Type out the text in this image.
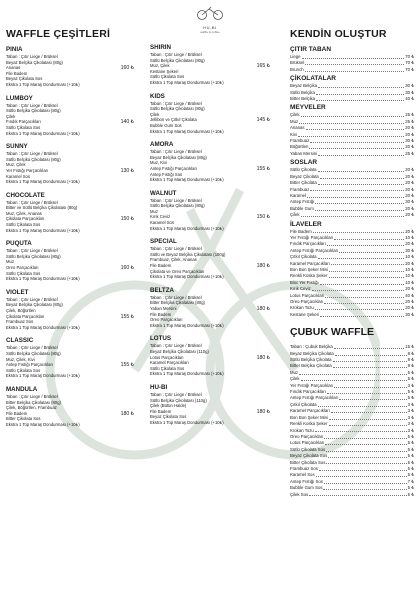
HU-BI
waffle & coffee
WAFFLE ÇEŞİTLERİ
PINIA
Taban : Çıtır Liege / Brüksel
Beyaz Belçika Çikolatası (80g)
Ananas
File Badem
Beyaz Çikolata Sos
Ekstra 1 Top Maraş Dondurması (+10₺)
160 ₺
LUMBOY
Taban : Çıtır Liege / Brüksel
Sütlü Belçika Çikolatası (80g)
Çilek
Fındık Parçacıkları
Sütlü Çikolata Sos
Ekstra 1 Top Maraş Dondurması (+10₺)
140 ₺
SUNNY
Taban : Çıtır Liege / Brüksel
Sütlü Belçika Çikolatası (80g)
Muz, Çilek
Yer Fıstığı Parçacıkları
Karamel Sos
Ekstra 1 Top Maraş Dondurması (+10₺)
130 ₺
CHOCOLATE
Taban : Çıtır Liege / Brüksel
Bitter ve Sütlü Belçika Çikolatası (80g)
Muz, Çilek, Ananas
Çikolata Parçacıkları
Sütlü Çikolata Sos
Ekstra 1 Top Maraş Dondurması (+10₺)
150 ₺
PUQUTA
Taban : Çıtır Liege / Brüksel
Sütlü Belçika Çikolatası (80g)
Muz
Oreo Parçacıkları
Sütlü Çikolata Sos
Ekstra 1 Top Maraş Dondurması (+10₺)
160 ₺
VIOLET
Taban : Çıtır Liege / Brüksel
Beyaz Belçika Çikolatası (80g)
Çilek, Böğürtlen
Çikolata Parçacıkları
Frambuaz Sos
Ekstra 1 Top Maraş Dondurması (+10₺)
155 ₺
CLASSIC
Taban : Çıtır Liege / Brüksel
Sütlü Belçika Çikolatası (80g)
Muz, Çilek, Kivi
Antep Fıstığı Parçacıkları
Sütlü Çikolata Sos
Ekstra 1 Top Maraş Dondurması (+10₺)
155 ₺
MANDULA
Taban : Çıtır Liege / Brüksel
Bitter Belçika Çikolatası (80g)
Çilek, Böğürtlen, Frambuaz
File Badem
Bitter Çikolata Sos
Ekstra 1 Top Maraş Dondurması (+10₺)
180 ₺
SHIRIN
Taban : Çıtır Liege / Brüksel
Sütlü Belçika Çikolatası (80g)
Muz, Çilek
Kestane Şekeri
Sütlü Çikolata Sos
Ekstra 1 Top Maraş Dondurması (+10₺)
165 ₺
KIDS
Taban : Çıtır Liege / Brüksel
Sütlü Belçika Çikolatası (80g)
Çilek
Jellibon ve Çıtkıl Çikolata
Bubble Gum Sos
Ekstra 1 Top Maraş Dondurması (+10₺)
145 ₺
AMORA
Taban : Çıtır Liege / Brüksel
Beyaz Belçika Çikolatası (80g)
Muz, Kivi
Antep Fıstığı Parçacıkları
Antep Fıstığı Sos
Ekstra 1 Top Maraş Dondurması (+10₺)
155 ₺
WALNUT
Taban : Çıtır Liege / Brüksel
Sütlü Belçika Çikolatası (80g)
Muz
Kırık Ceviz
Karamel Sos
Ekstra 1 Top Maraş Dondurması (+10₺)
150 ₺
SPECIAL
Taban : Çıtır Liege / Brüksel
Sütlü ve Beyaz Belçika Çikolatası (100g)
Frambuaz, Çilek, Ananas
File Badem
Çikolata ve Oreo Parçacıkları
Ekstra 1 Top Maraş Dondurması (+10₺)
180 ₺
BELTZA
Taban : Çıtır Liege / Brüksel
Bitter Belçika Çikolatası (80g)
Yaban Mersini
File Badem
Oreo Parçacıkları
Ekstra 1 Top Maraş Dondurması (+10₺)
180 ₺
LOTUS
Taban : Çıtır Liege / Brüksel
Beyaz Belçika Çikolatası (110g)
Lotus Parçacıkları
Karamel Parçacıkları
Sütlü Çikolata Sos
Ekstra 1 Top Maraş Dondurması (+10₺)
180 ₺
HU-BI
Taban : Çıtır Liege / Brüksel
Sütlü Belçika Çikolatası (110g)
Çilek (Bütün Halde)
File Badem
Beyaz Çikolata Sos
Ekstra 1 Top Maraş Dondurması (+10₺)
180 ₺
KENDİN OLUŞTUR
ÇITIR TABAN
Liege	70 ₺
Brüksel	70 ₺
Brunch	70 ₺
ÇİKOLATALAR
Beyaz Belçika	30 ₺
Sütlü Belçika	30 ₺
Bitter Belçika	40 ₺
MEYVELER
Çilek	25 ₺
Muz	25 ₺
Ananas	20 ₺
Kivi	20 ₺
Frambuaz	30 ₺
Böğürtlen	20 ₺
Yaban Mersini	25 ₺
SOSLAR
Sütlü Çikolata	20 ₺
Beyaz Çikolata	20 ₺
Bitter Çikolata	20 ₺
Frambuaz	20 ₺
Karamel	20 ₺
Antep Fıstığı	30 ₺
Bubble Gum	20 ₺
Çilek	20 ₺
İLAVELER
File Badem	20 ₺
Yer Fıstığı Parçacıkları	10 ₺
Fındık Parçacıkları	20 ₺
Antep Fıstığı Parçacıkları	30 ₺
Çıtkıl Çikolata	10 ₺
Karamel Parçacıkları	20 ₺
Bon Bon Şeker Mini	10 ₺
Renkli Koska Şeker	10 ₺
Bisc Yer Fıstığı	10 ₺
Kırık Ceviz	20 ₺
Lotus Parçacıkları	40 ₺
Oreo Parçacıkları	20 ₺
Krokan Tozu	20 ₺
Kestane Şekeri	30 ₺
ÇUBUK WAFFLE
Taban : Çubuk Belçika	15 ₺
Beyaz Belçika Çikolata	8 ₺
Sütlü Belçika Çikolata	8 ₺
Bitter Belçika Çikolata	8 ₺
Muz	5 ₺
Çilek	5 ₺
Yer Fıstığı Parçacıkları	3 ₺
Fındık Parçacıkları	5 ₺
Antep Fıstığı Parçacıkları	5 ₺
Çıtkıl Çikolata	3 ₺
Karamel Parçacıkları	3 ₺
Bon Bon Şeker Mini	3 ₺
Renkli Koska Şeker	3 ₺
Krokan Tozu	3 ₺
Oreo Parçacıkları	5 ₺
Lotus Parçacıkları	5 ₺
Sütlü Çikolata Sos	5 ₺
Beyaz Çikolata Sos	5 ₺
Bitter Çikolata Sos	5 ₺
Frambuaz Sos	5 ₺
Karamel Sos	5 ₺
Antep Fıstığı Sos	7 ₺
Bubble Gum Sos	5 ₺
Çilek Sos	5 ₺
